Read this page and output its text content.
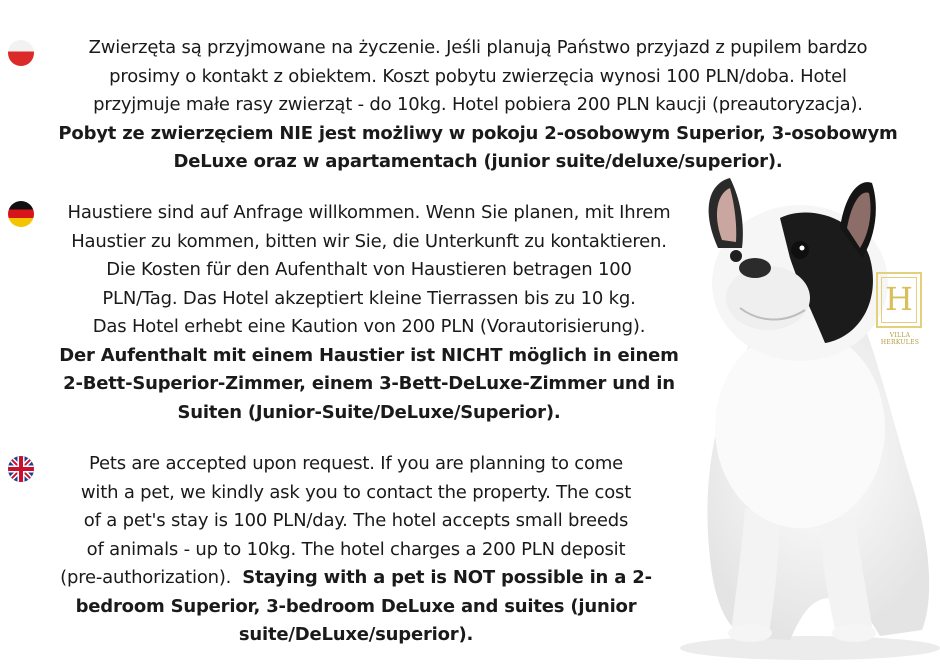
Zwierzęta są przyjmowane na życzenie. Jeśli planują Państwo przyjazd z pupilem bardzo
prosimy o kontakt z obiektem. Koszt pobytu zwierzęcia wynosi 100 PLN/doba. Hotel
przyjmuje małe rasy zwierząt - do 10kg. Hotel pobiera 200 PLN kaucji (preautoryzacja).
Pobyt ze zwierzęciem NIE jest możliwy w pokoju 2-osobowym Superior, 3-osobowym
DeLuxe oraz w apartamentach (junior suite/deluxe/superior).
Haustiere sind auf Anfrage willkommen. Wenn Sie planen, mit Ihrem
Haustier zu kommen, bitten wir Sie, die Unterkunft zu kontaktieren.
Die Kosten für den Aufenthalt von Haustieren betragen 100
PLN/Tag. Das Hotel akzeptiert kleine Tierrassen bis zu 10 kg.
Das Hotel erhebt eine Kaution von 200 PLN (Vorautorisierung).
Der Aufenthalt mit einem Haustier ist NICHT möglich in einem
2-Bett-Superior-Zimmer, einem 3-Bett-DeLuxe-Zimmer und in
Suiten (Junior-Suite/DeLuxe/Superior).
Pets are accepted upon request. If you are planning to come
with a pet, we kindly ask you to contact the property. The cost
of a pet's stay is 100 PLN/day. The hotel accepts small breeds
of animals - up to 10kg. The hotel charges a 200 PLN deposit
(pre-authorization).  Staying with a pet is NOT possible in a 2-
bedroom Superior, 3-bedroom DeLuxe and suites (junior
suite/DeLuxe/superior).
H
VILLA HERKULES
